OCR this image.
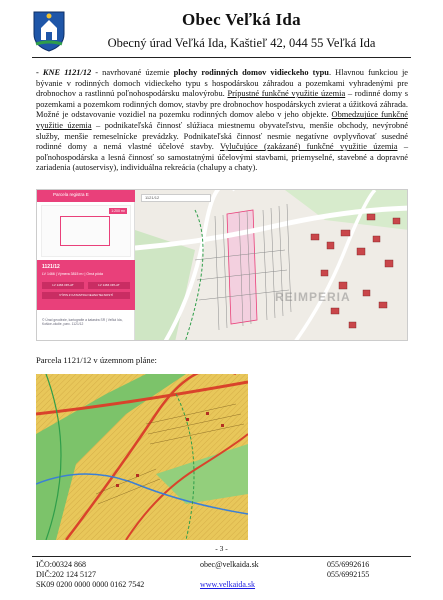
Obec Veľká Ida
Obecný úrad Veľká Ida, Kaštieľ 42, 044 55 Veľká Ida

- KNE 1121/12 - navrhované územie plochy rodinných domov vidieckeho typu. Hlavnou funkciou je bývanie v rodinných domoch vidieckeho typu s hospodárskou záhradou a pozemkami vyhradenými pre drobnochov a rastlinnú poľnohospodársku malovýrobu. Prípustné funkčné využitie územia – rodinné domy s pozemkami a pozemkom rodinných domov, stavby pre drobnochov hospodárskych zvierat a úžitková záhrada. Možné je odstavovanie vozidiel na pozemku rodinných domov alebo v jeho objekte. Obmedzujúce funkčné využitie územia – podnikateľská činnosť slúžiaca miestnemu obyvateľstvu, menšie obchody, nevýrobné služby, menšie remeselnícke prevádzky. Podnikateľská činnosť nesmie negatívne ovplyvňovať susedné rodinné domy a nemá vlastné účelové stavby. Vylučujúce (zakázané) funkčné využitie územia – poľnohospodárska a lesná činnosť so samostatnými účelovými stavbami, priemyselné, stavebné a dopravné zariadenia (autoservisy), individuálna rekreácia (chalupy a chaty).

Parcela registra E
1:200 m²
1121/12
LV 1466 | Výmera 3815 m² | Orná pôda
LV 1466 OPLAT	LV 1466 OPLAT
VÝPIS Z KATASTRA NEHNUTEĽNOSTÍ
© Úrad geodézie, kartografie a katastra SR | Veľká Ida, Košice-okolie, parc. 1121/12
1121/12
REIMPERIA
Parcela 1121/12 v územnom pláne:
- 3 -
IČO:00324 868
DIČ:202 124 5127
SK09 0200 0000 0000 0162 7542
obec@velkaida.sk

www.velkaida.sk
055/6992616
055/6992155
